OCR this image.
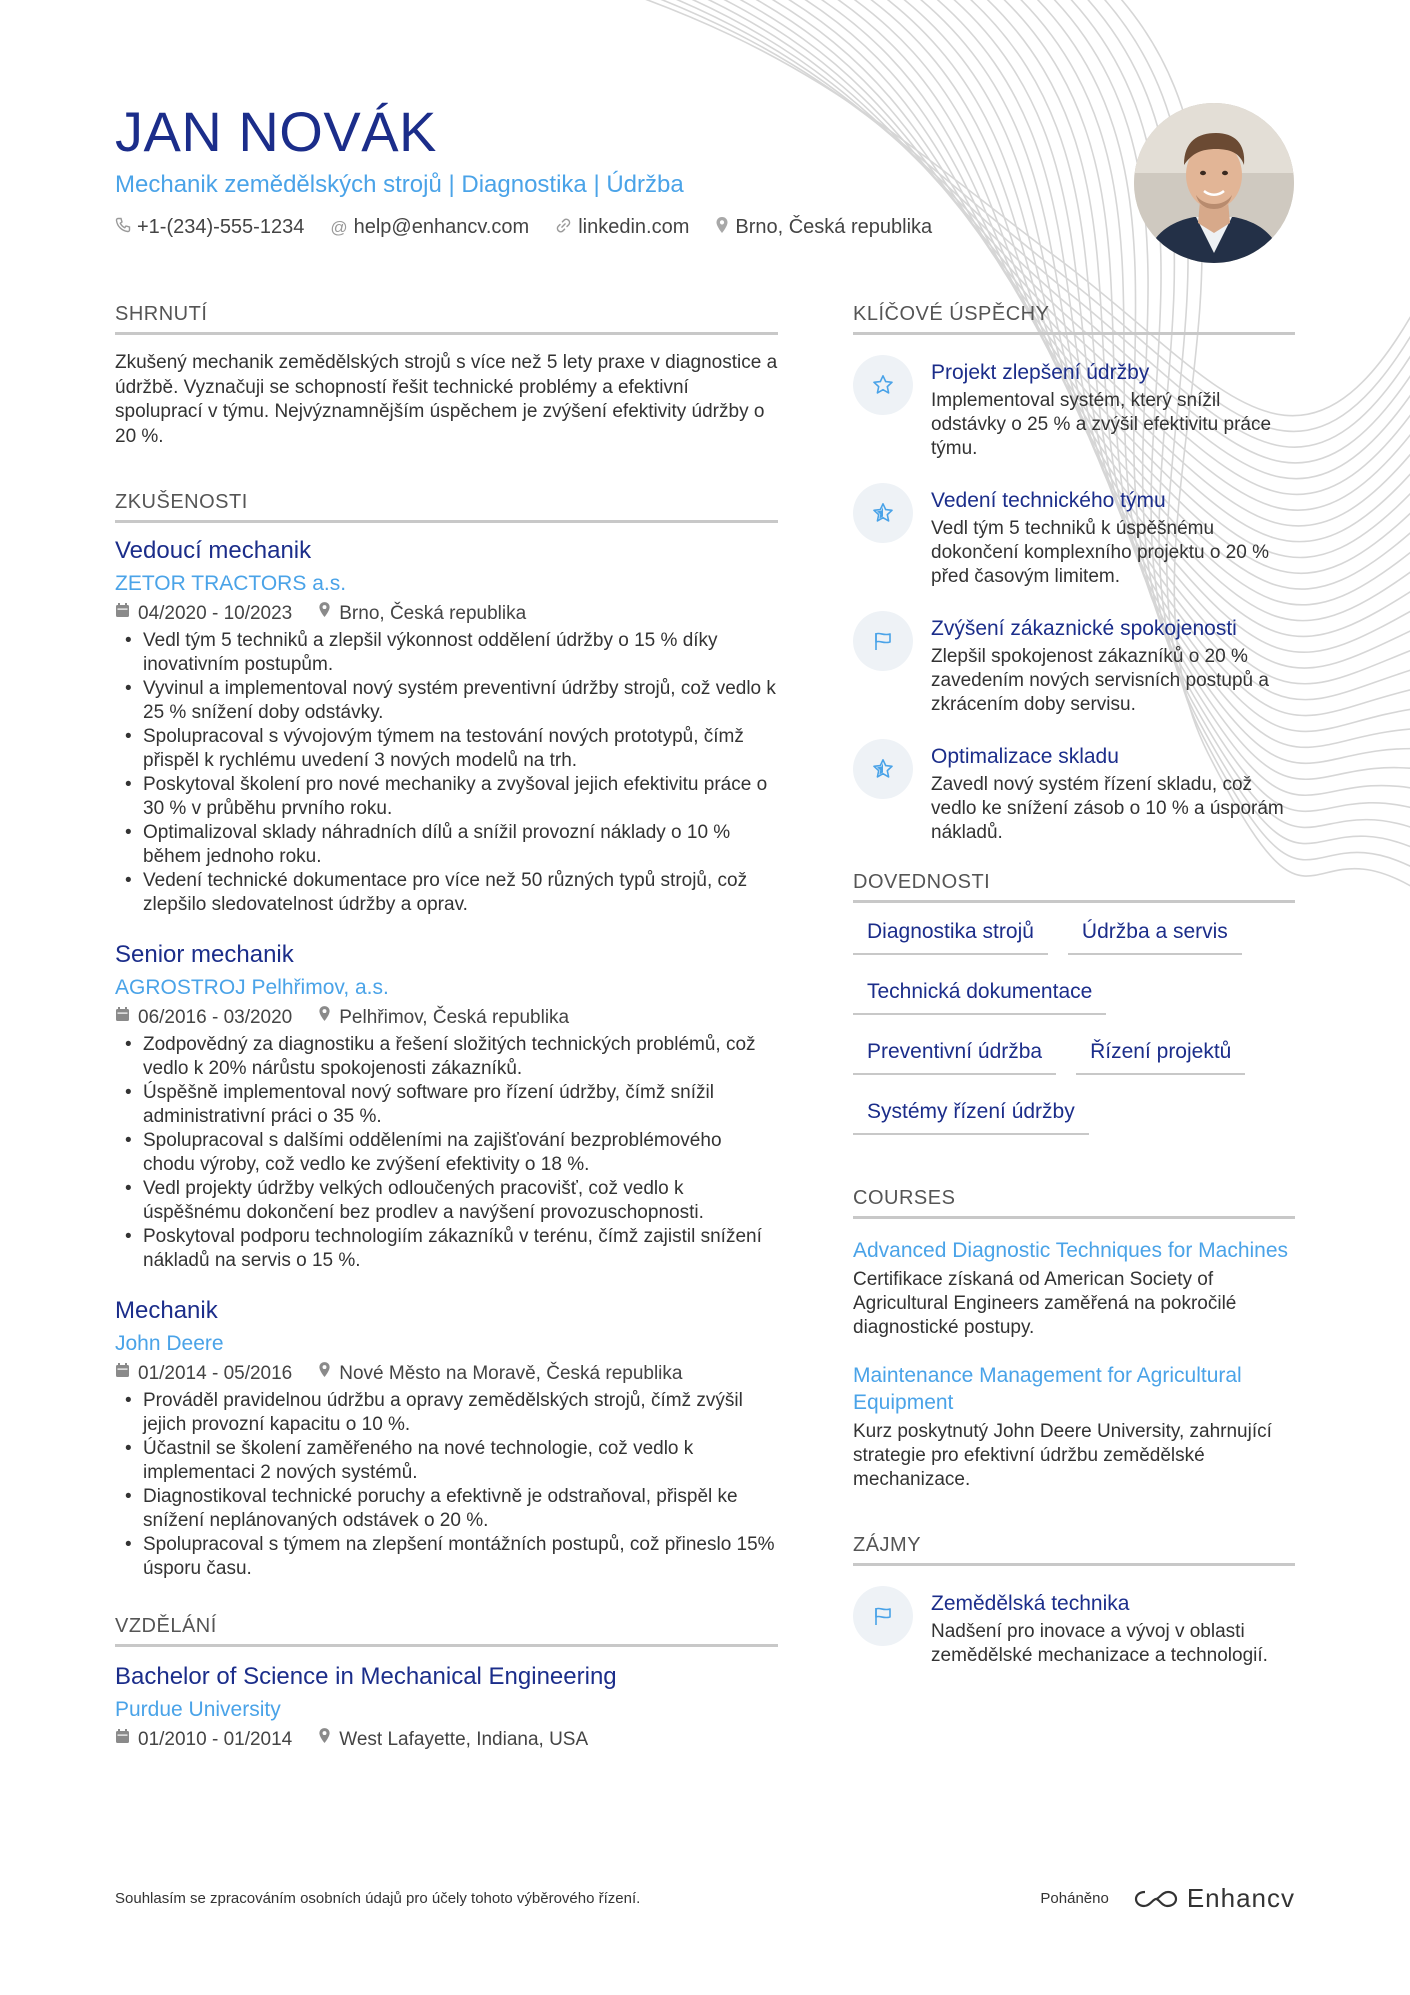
JAN NOVÁK
Mechanik zemědělských strojů | Diagnostika | Údržba
+1-(234)-555-1234 @ help@enhancv.com linkedin.com Brno, Česká republika
SHRNUTÍ

Zkušený mechanik zemědělských strojů s více než 5 lety praxe v diagnostice a údržbě. Vyznačuji se schopností řešit technické problémy a efektivní spoluprací v týmu. Nejvýznamnějším úspěchem je zvýšení efektivity údržby o 20 %.

ZKUŠENOSTI
Vedoucí mechanik
ZETOR TRACTORS a.s.
04/2020 - 10/2023 Brno, Česká republika
• Vedl tým 5 techniků a zlepšil výkonnost oddělení údržby o 15 % díky inovativním postupům.
• Vyvinul a implementoval nový systém preventivní údržby strojů, což vedlo k 25 % snížení doby odstávky.
• Spolupracoval s vývojovým týmem na testování nových prototypů, čímž přispěl k rychlému uvedení 3 nových modelů na trh.
• Poskytoval školení pro nové mechaniky a zvyšoval jejich efektivitu práce o 30 % v průběhu prvního roku.
• Optimalizoval sklady náhradních dílů a snížil provozní náklady o 10 % během jednoho roku.
• Vedení technické dokumentace pro více než 50 různých typů strojů, což zlepšilo sledovatelnost údržby a oprav.
Senior mechanik
AGROSTROJ Pelhřimov, a.s.
06/2016 - 03/2020 Pelhřimov, Česká republika
• Zodpovědný za diagnostiku a řešení složitých technických problémů, což vedlo k 20% nárůstu spokojenosti zákazníků.
• Úspěšně implementoval nový software pro řízení údržby, čímž snížil administrativní práci o 35 %.
• Spolupracoval s dalšími odděleními na zajišťování bezproblémového chodu výroby, což vedlo ke zvýšení efektivity o 18 %.
• Vedl projekty údržby velkých odloučených pracovišť, což vedlo k úspěšnému dokončení bez prodlev a navýšení provozuschopnosti.
• Poskytoval podporu technologiím zákazníků v terénu, čímž zajistil snížení nákladů na servis o 15 %.
Mechanik
John Deere
01/2014 - 05/2016 Nové Město na Moravě, Česká republika
• Prováděl pravidelnou údržbu a opravy zemědělských strojů, čímž zvýšil jejich provozní kapacitu o 10 %.
• Účastnil se školení zaměřeného na nové technologie, což vedlo k implementaci 2 nových systémů.
• Diagnostikoval technické poruchy a efektivně je odstraňoval, přispěl ke snížení neplánovaných odstávek o 20 %.
• Spolupracoval s týmem na zlepšení montážních postupů, což přineslo 15% úsporu času.
VZDĚLÁNÍ
Bachelor of Science in Mechanical Engineering
Purdue University
01/2010 - 01/2014 West Lafayette, Indiana, USA
KLÍČOVÉ ÚSPĚCHY
Projekt zlepšení údržby
Implementoval systém, který snížil odstávky o 25 % a zvýšil efektivitu práce týmu.
Vedení technického týmu
Vedl tým 5 techniků k úspěšnému dokončení komplexního projektu o 20 % před časovým limitem.
Zvýšení zákaznické spokojenosti
Zlepšil spokojenost zákazníků o 20 % zavedením nových servisních postupů a zkrácením doby servisu.
Optimalizace skladu
Zavedl nový systém řízení skladu, což vedlo ke snížení zásob o 10 % a úsporám nákladů.
DOVEDNOSTI
Diagnostika strojů	Údržba a servis
Technická dokumentace
Preventivní údržba	Řízení projektů
Systémy řízení údržby
COURSES
Advanced Diagnostic Techniques for Machines
Certifikace získaná od American Society of Agricultural Engineers zaměřená na pokročilé diagnostické postupy.
Maintenance Management for Agricultural Equipment
Kurz poskytnutý John Deere University, zahrnující strategie pro efektivní údržbu zemědělské mechanizace.
ZÁJMY
Zemědělská technika
Nadšení pro inovace a vývoj v oblasti zemědělské mechanizace a technologií.
Souhlasím se zpracováním osobních údajů pro účely tohoto výběrového řízení.	Poháněno	Enhancv
